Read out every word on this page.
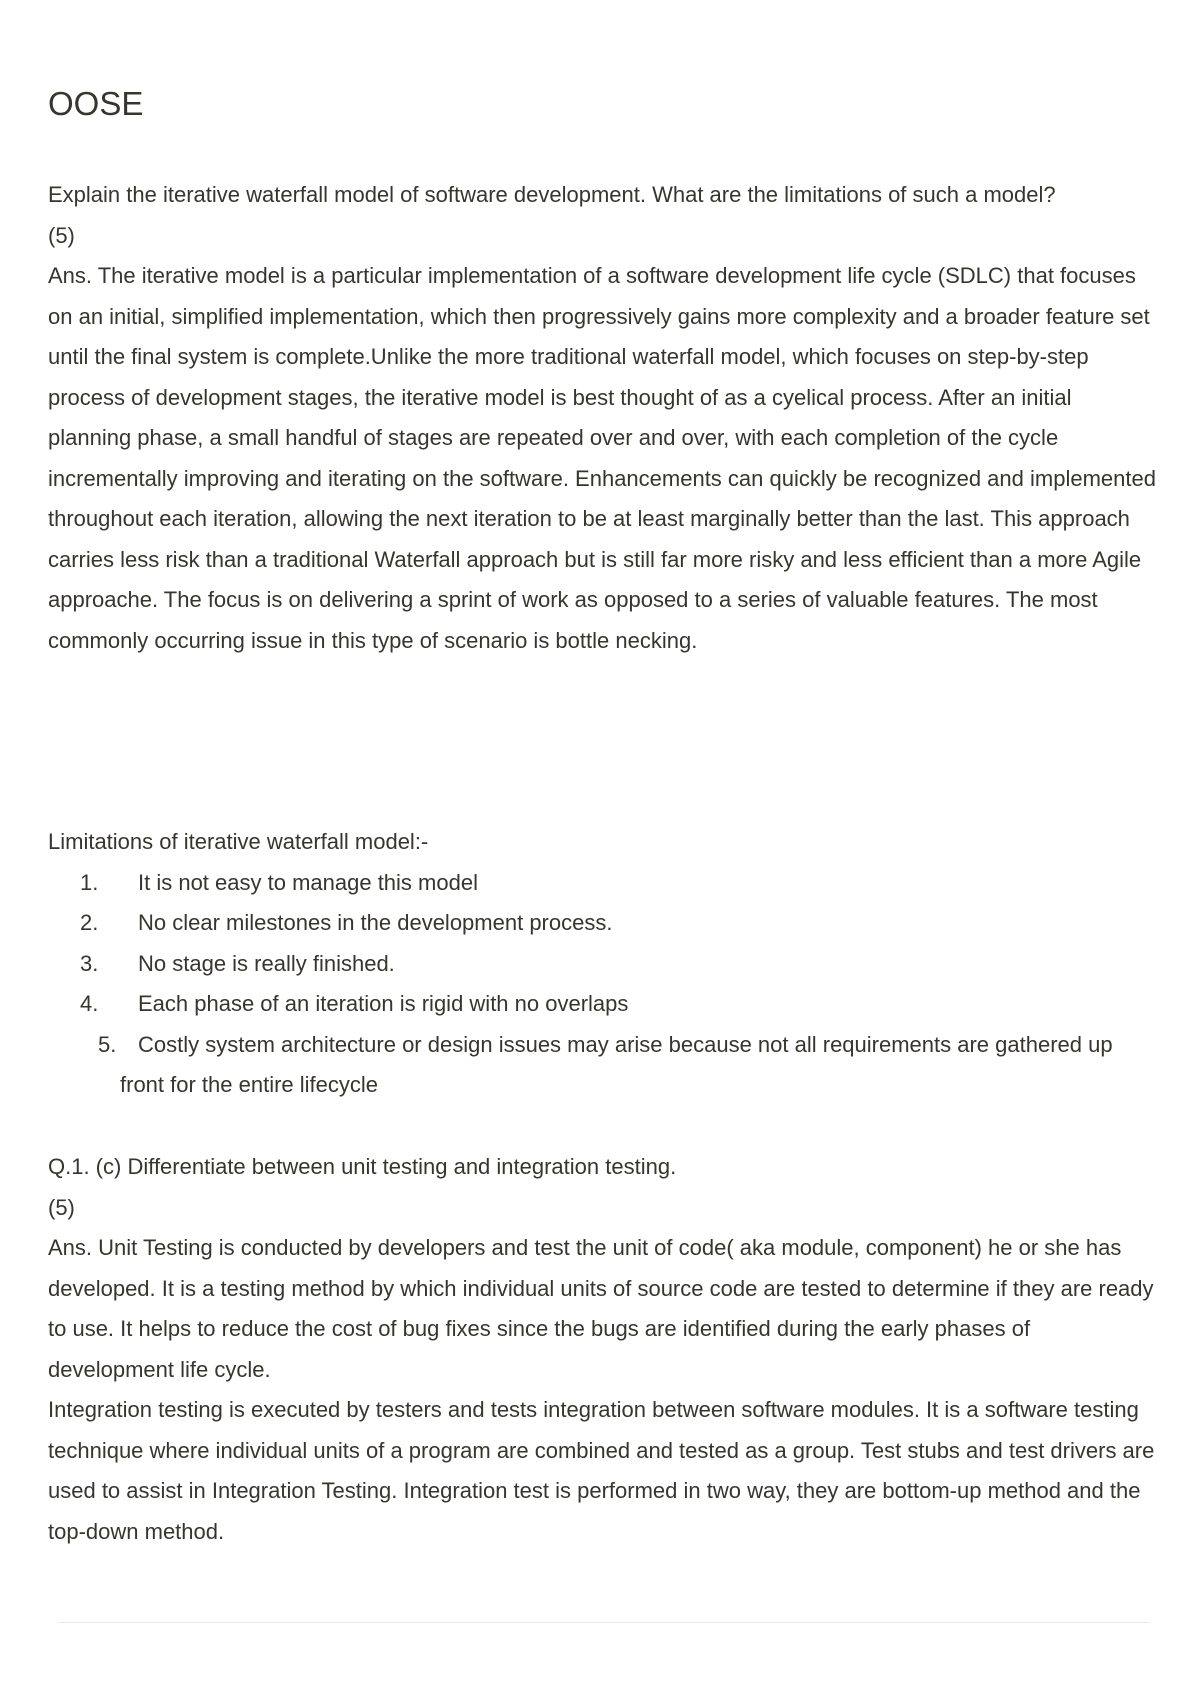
OOSE

Explain the iterative waterfall model of software development. What are the limitations of such a model?

(5)

Ans. The iterative model is a particular implementation of a software development life cycle (SDLC) that focuses on an initial, simplified implementation, which then progressively gains more complexity and a broader feature set until the final system is complete.Unlike the more traditional waterfall model, which focuses on step-by-step process of development stages, the iterative model is best thought of as a cyelical process. After an initial planning phase, a small handful of stages are repeated over and over, with each completion of the cycle incrementally improving and iterating on the software. Enhancements can quickly be recognized and implemented throughout each iteration, allowing the next iteration to be at least marginally better than the last. This approach carries less risk than a traditional Waterfall approach but is still far more risky and less efficient than a more Agile approache. The focus is on delivering a sprint of work as opposed to a series of valuable features. The most commonly occurring issue in this type of scenario is bottle necking.

Limitations of iterative waterfall model:-

1. It is not easy to manage this model
2. No clear milestones in the development process.
3. No stage is really finished.
4. Each phase of an iteration is rigid with no overlaps
5. Costly system architecture or design issues may arise because not all requirements are gathered up front for the entire lifecycle

Q.1. (c) Differentiate between unit testing and integration testing.

(5)

Ans. Unit Testing is conducted by developers and test the unit of code( aka module, component) he or she has developed. It is a testing method by which individual units of source code are tested to determine if they are ready to use. It helps to reduce the cost of bug fixes since the bugs are identified during the early phases of development life cycle.

Integration testing is executed by testers and tests integration between software modules. It is a software testing technique where individual units of a program are combined and tested as a group. Test stubs and test drivers are used to assist in Integration Testing. Integration test is performed in two way, they are bottom-up method and the top-down method.
